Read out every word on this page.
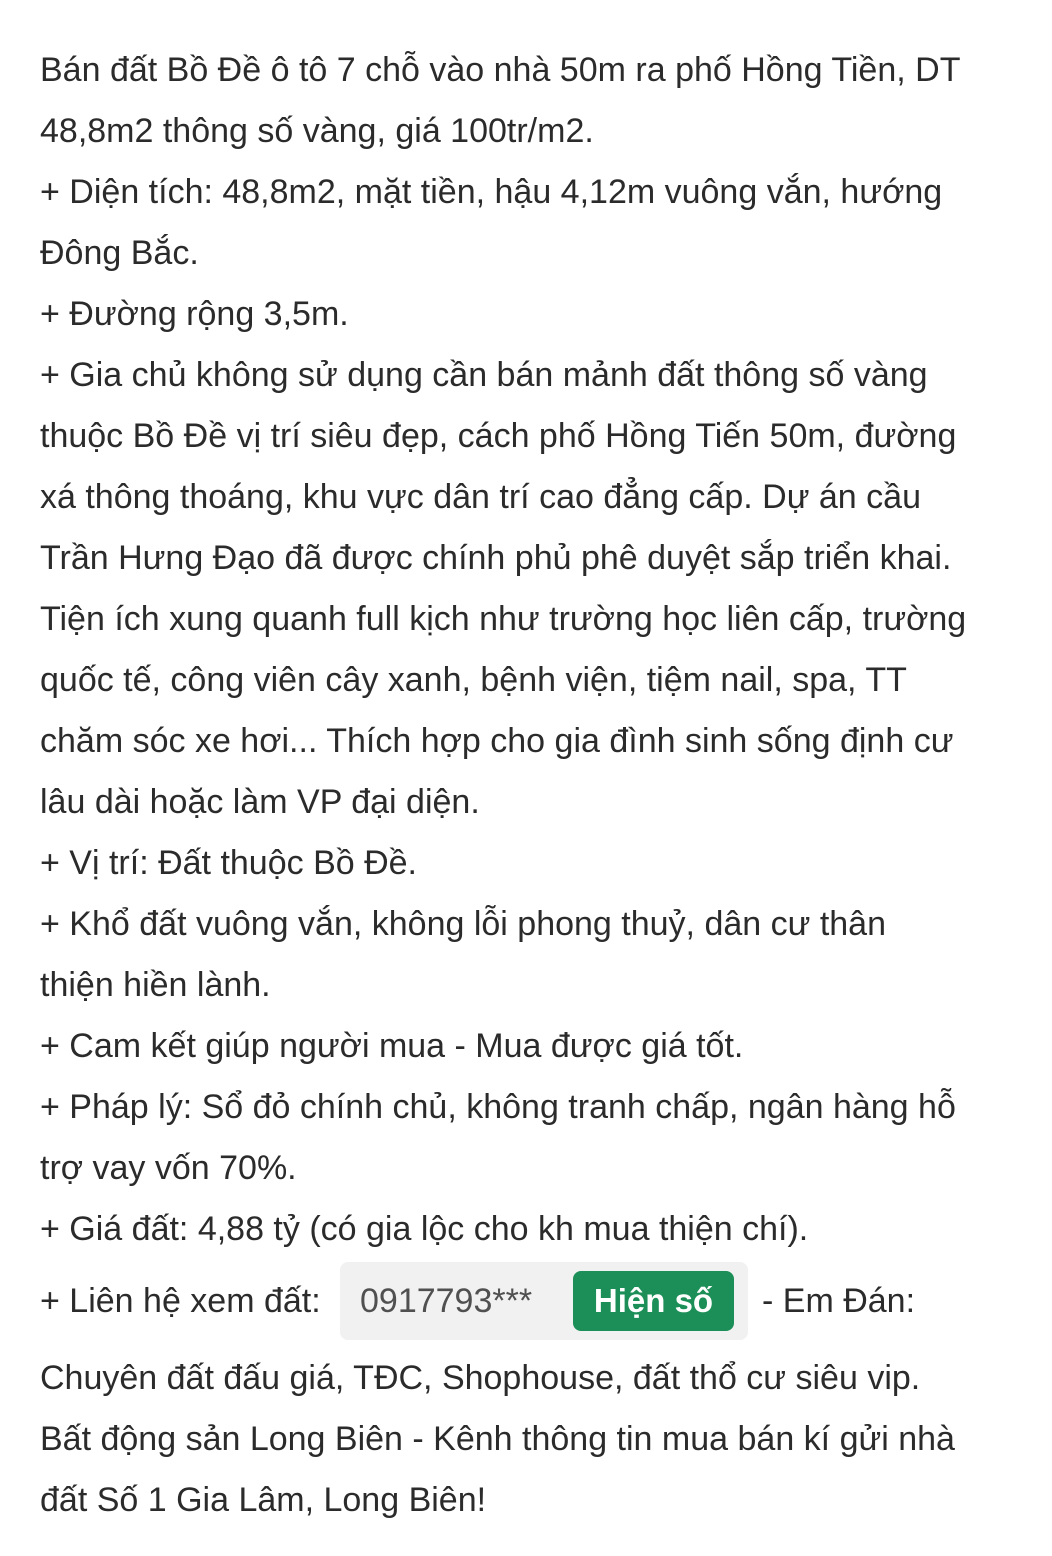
Bán đất Bồ Đề ô tô 7 chỗ vào nhà 50m ra phố Hồng Tiền, DT
48,8m2 thông số vàng, giá 100tr/m2.
+ Diện tích: 48,8m2, mặt tiền, hậu 4,12m vuông vắn, hướng
Đông Bắc.
+ Đường rộng 3,5m.
+ Gia chủ không sử dụng cần bán mảnh đất thông số vàng
thuộc Bồ Đề vị trí siêu đẹp, cách phố Hồng Tiến 50m, đường
xá thông thoáng, khu vực dân trí cao đẳng cấp. Dự án cầu
Trần Hưng Đạo đã được chính phủ phê duyệt sắp triển khai.
Tiện ích xung quanh full kịch như trường học liên cấp, trường
quốc tế, công viên cây xanh, bệnh viện, tiệm nail, spa, TT
chăm sóc xe hơi... Thích hợp cho gia đình sinh sống định cư
lâu dài hoặc làm VP đại diện.
+ Vị trí: Đất thuộc Bồ Đề.
+ Khổ đất vuông vắn, không lỗi phong thuỷ, dân cư thân
thiện hiền lành.
+ Cam kết giúp người mua - Mua được giá tốt.
+ Pháp lý: Sổ đỏ chính chủ, không tranh chấp, ngân hàng hỗ
trợ vay vốn 70%.
+ Giá đất: 4,88 tỷ (có gia lộc cho kh mua thiện chí).
+ Liên hệ xem đất: 0917793***	Hiện số	- Em Đán:
Chuyên đất đấu giá, TĐC, Shophouse, đất thổ cư siêu vip.
Bất động sản Long Biên - Kênh thông tin mua bán kí gửi nhà
đất Số 1 Gia Lâm, Long Biên!
